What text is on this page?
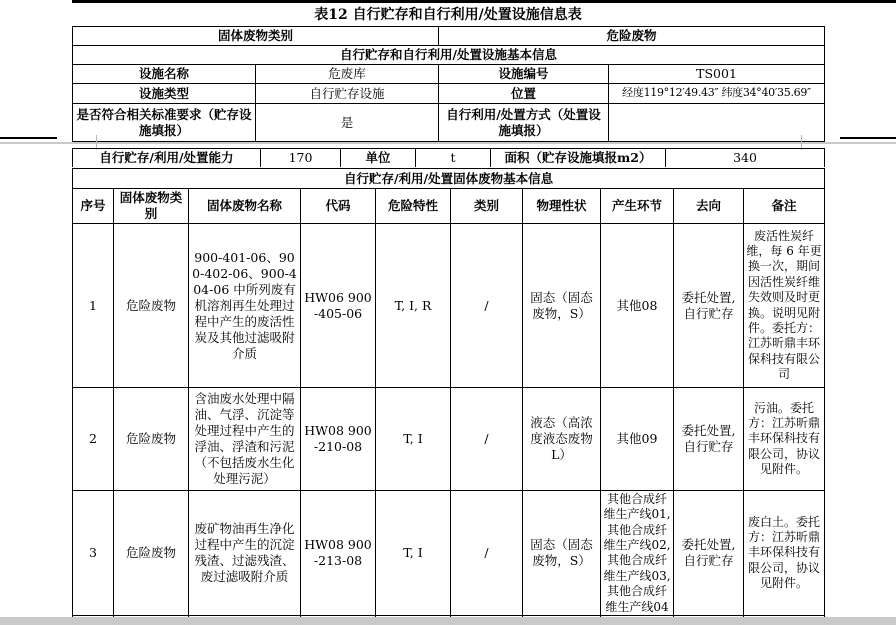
表12 自行贮存和自行利用/处置设施信息表
固体废物类别		危险废物	
自行贮存和自行利用/处置设施基本信息			
设施名称	危废库	设施编号	TS001
设施类型	自行贮存设施	位置	经度119°12′49.43″ 纬度34°40′35.69″
是否符合相关标准要求（贮存设施填报）	是	自行利用/处置方式（处置设施填报）	
自行贮存/利用/处置能力	170	单位	t	面积（贮存设施填报m2）	340
自行贮存/利用/处置固体废物基本信息									
序号	固体废物类别	固体废物名称	代码	危险特性	类别	物理性状	产生环节	去向	备注
1	危险废物	900-401-06、900-402-06、900-404-06 中所列废有机溶剂再生处理过程中产生的废活性炭及其他过滤吸附介质	HW06 900-405-06	T, I, R	/	固态（固态废物，S）	其他08	委托处置,自行贮存	废活性炭纤维，每 6 年更换一次，期间因活性炭纤维失效则及时更换。说明见附件。委托方：江苏昕鼎丰环保科技有限公司
2	危险废物	含油废水处理中隔油、气浮、沉淀等处理过程中产生的浮油、浮渣和污泥（不包括废水生化处理污泥）	HW08 900-210-08	T, I	/	液态（高浓度液态废物L）	其他09	委托处置,自行贮存	污油。委托方：江苏昕鼎丰环保科技有限公司，协议见附件。
3	危险废物	废矿物油再生净化过程中产生的沉淀残渣、过滤残渣、废过滤吸附介质	HW08 900-213-08	T, I	/	固态（固态废物，S）	其他合成纤维生产线01,其他合成纤维生产线02,其他合成纤维生产线03,其他合成纤维生产线04	委托处置,自行贮存	废白土。委托方：江苏昕鼎丰环保科技有限公司，协议见附件。
